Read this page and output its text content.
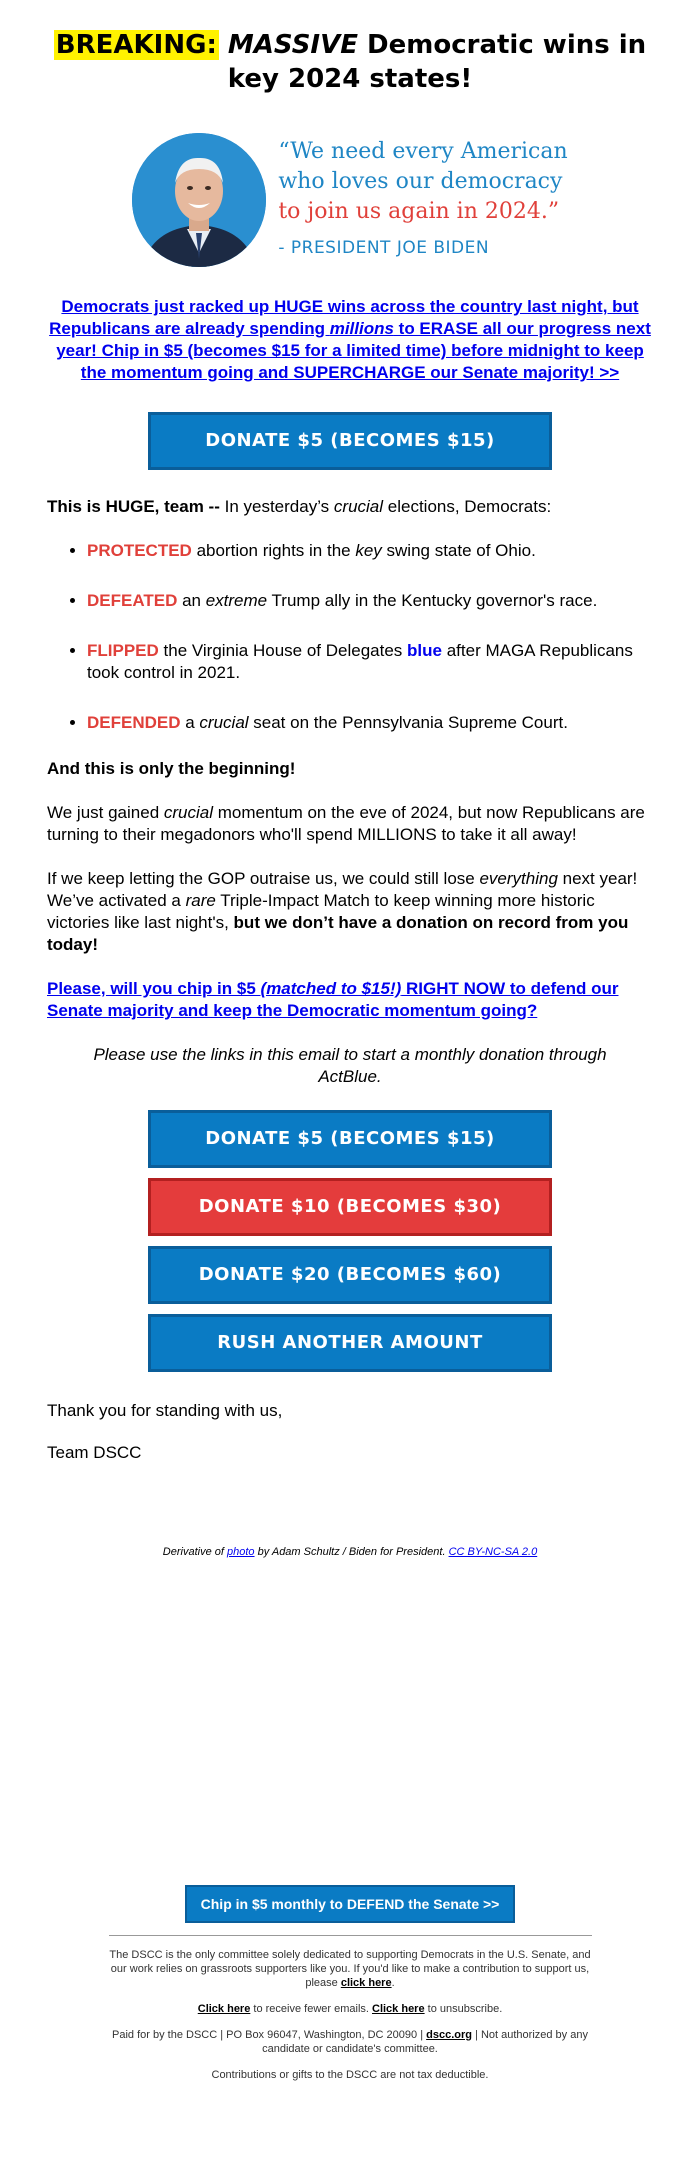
BREAKING: MASSIVE Democratic wins in key 2024 states!
“We need every American
who loves our democracy
to join us again in 2024.”
- PRESIDENT JOE BIDEN
Democrats just racked up HUGE wins across the country last night, but Republicans are already spending millions to ERASE all our progress next year! Chip in $5 (becomes $15 for a limited time) before midnight to keep the momentum going and SUPERCHARGE our Senate majority! >>
DONATE $5 (BECOMES $15)

This is HUGE, team -- In yesterday’s crucial elections, Democrats:

• PROTECTED abortion rights in the key swing state of Ohio.
• DEFEATED an extreme Trump ally in the Kentucky governor's race.
• FLIPPED the Virginia House of Delegates blue after MAGA Republicans took control in 2021.
• DEFENDED a crucial seat on the Pennsylvania Supreme Court.

And this is only the beginning!

We just gained crucial momentum on the eve of 2024, but now Republicans are turning to their megadonors who'll spend MILLIONS to take it all away!

If we keep letting the GOP outraise us, we could still lose everything next year! We’ve activated a rare Triple-Impact Match to keep winning more historic victories like last night's, but we don’t have a donation on record from you today!

Please, will you chip in $5 (matched to $15!) RIGHT NOW to defend our Senate majority and keep the Democratic momentum going?

Please use the links in this email to start a monthly donation through ActBlue.

DONATE $5 (BECOMES $15)
DONATE $10 (BECOMES $30)
DONATE $20 (BECOMES $60)
RUSH ANOTHER AMOUNT

Thank you for standing with us,

Team DSCC

Derivative of photo by Adam Schultz / Biden for President. CC BY-NC-SA 2.0

Chip in $5 monthly to DEFEND the Senate >>

The DSCC is the only committee solely dedicated to supporting Democrats in the U.S. Senate, and our work relies on grassroots supporters like you. If you'd like to make a contribution to support us, please click here.

Click here to receive fewer emails. Click here to unsubscribe.

Paid for by the DSCC | PO Box 96047, Washington, DC 20090 | dscc.org | Not authorized by any candidate or candidate's committee.

Contributions or gifts to the DSCC are not tax deductible.
